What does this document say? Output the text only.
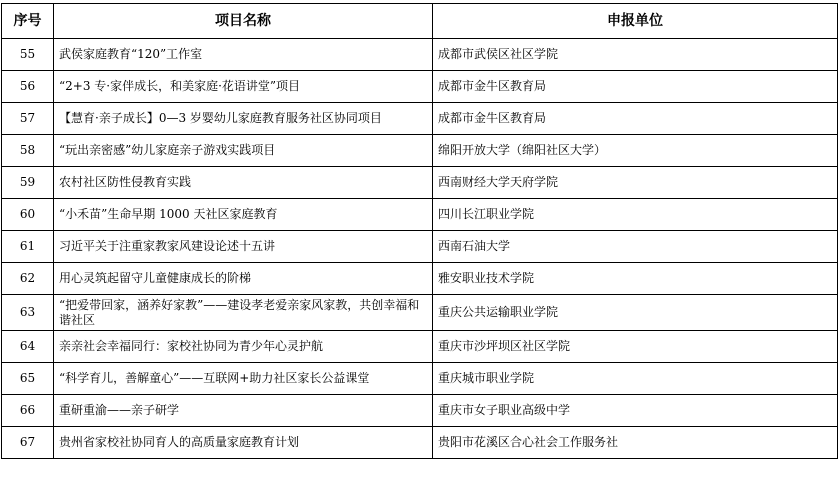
序号	项目名称	申报单位
55	武侯家庭教育“120”工作室	成都市武侯区社区学院
56	“2+3 专·家伴成长，和美家庭·花语讲堂”项目	成都市金牛区教育局
57	【慧育·亲子成长】0—3 岁婴幼儿家庭教育服务社区协同项目	成都市金牛区教育局
58	“玩出亲密感”幼儿家庭亲子游戏实践项目	绵阳开放大学（绵阳社区大学）
59	农村社区防性侵教育实践	西南财经大学天府学院
60	“小禾苗”生命早期 1000 天社区家庭教育	四川长江职业学院
61	习近平关于注重家教家风建设论述十五讲	西南石油大学
62	用心灵筑起留守儿童健康成长的阶梯	雅安职业技术学院
63	“把爱带回家，涵养好家教”——建设孝老爱亲家风家教，共创幸福和谐社区	重庆公共运输职业学院
64	亲亲社会幸福同行：家校社协同为青少年心灵护航	重庆市沙坪坝区社区学院
65	“科学育儿，善解童心”——互联网+助力社区家长公益课堂	重庆城市职业学院
66	重研重渝——亲子研学	重庆市女子职业高级中学
67	贵州省家校社协同育人的高质量家庭教育计划	贵阳市花溪区合心社会工作服务社
